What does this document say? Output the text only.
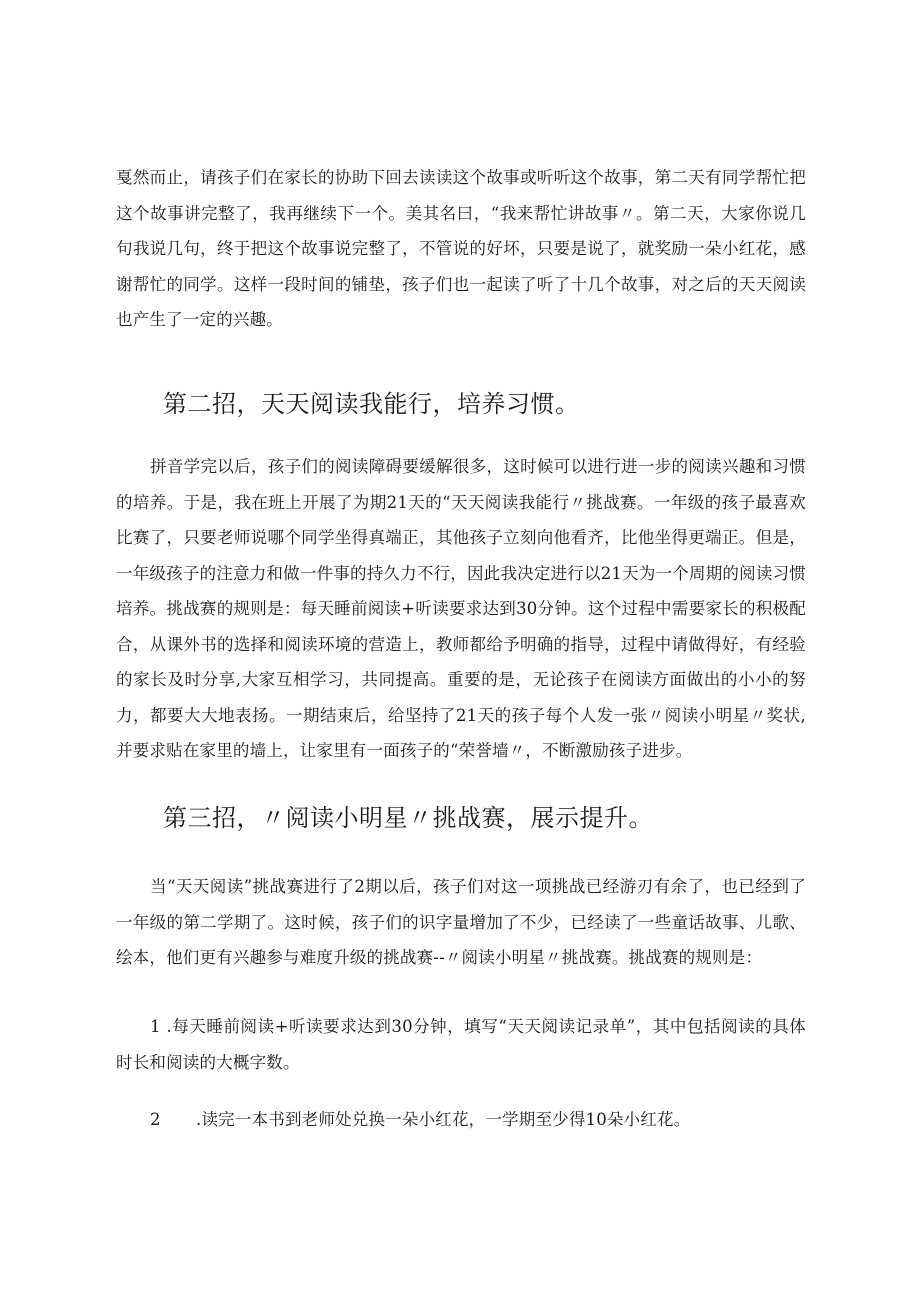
戛然而止，请孩子们在家长的协助下回去读读这个故事或听听这个故事，第二天有同学帮忙把这个故事讲完整了，我再继续下一个。美其名曰，“我来帮忙讲故事〃。第二天，大家你说几句我说几句，终于把这个故事说完整了，不管说的好坏，只要是说了，就奖励一朵小红花，感谢帮忙的同学。这样一段时间的铺垫，孩子们也一起读了听了十几个故事，对之后的天天阅读也产生了一定的兴趣。

第二招，天天阅读我能行，培养习惯。

拼音学完以后，孩子们的阅读障碍要缓解很多，这时候可以进行进一步的阅读兴趣和习惯的培养。于是，我在班上开展了为期21天的“天天阅读我能行〃挑战赛。一年级的孩子最喜欢比赛了，只要老师说哪个同学坐得真端正，其他孩子立刻向他看齐，比他坐得更端正。但是，一年级孩子的注意力和做一件事的持久力不行，因此我决定进行以21天为一个周期的阅读习惯培养。挑战赛的规则是：每天睡前阅读+听读要求达到30分钟。这个过程中需要家长的积极配合，从课外书的选择和阅读环境的营造上，教师都给予明确的指导，过程中请做得好，有经验的家长及时分享,大家互相学习，共同提高。重要的是，无论孩子在阅读方面做出的小小的努力，都要大大地表扬。一期结束后，给坚持了21天的孩子每个人发一张〃阅读小明星〃奖状,并要求贴在家里的墙上，让家里有一面孩子的“荣誉墙〃，不断激励孩子进步。

第三招，〃阅读小明星〃挑战赛，展示提升。

当“天天阅读”挑战赛进行了2期以后，孩子们对这一项挑战已经游刃有余了，也已经到了一年级的第二学期了。这时候，孩子们的识字量增加了不少，已经读了一些童话故事、儿歌、绘本，他们更有兴趣参与难度升级的挑战赛--〃阅读小明星〃挑战赛。挑战赛的规则是：

1 .每天睡前阅读+听读要求达到30分钟，填写“天天阅读记录单”，其中包括阅读的具体时长和阅读的大概字数。

2 .读完一本书到老师处兑换一朵小红花，一学期至少得10朵小红花。
